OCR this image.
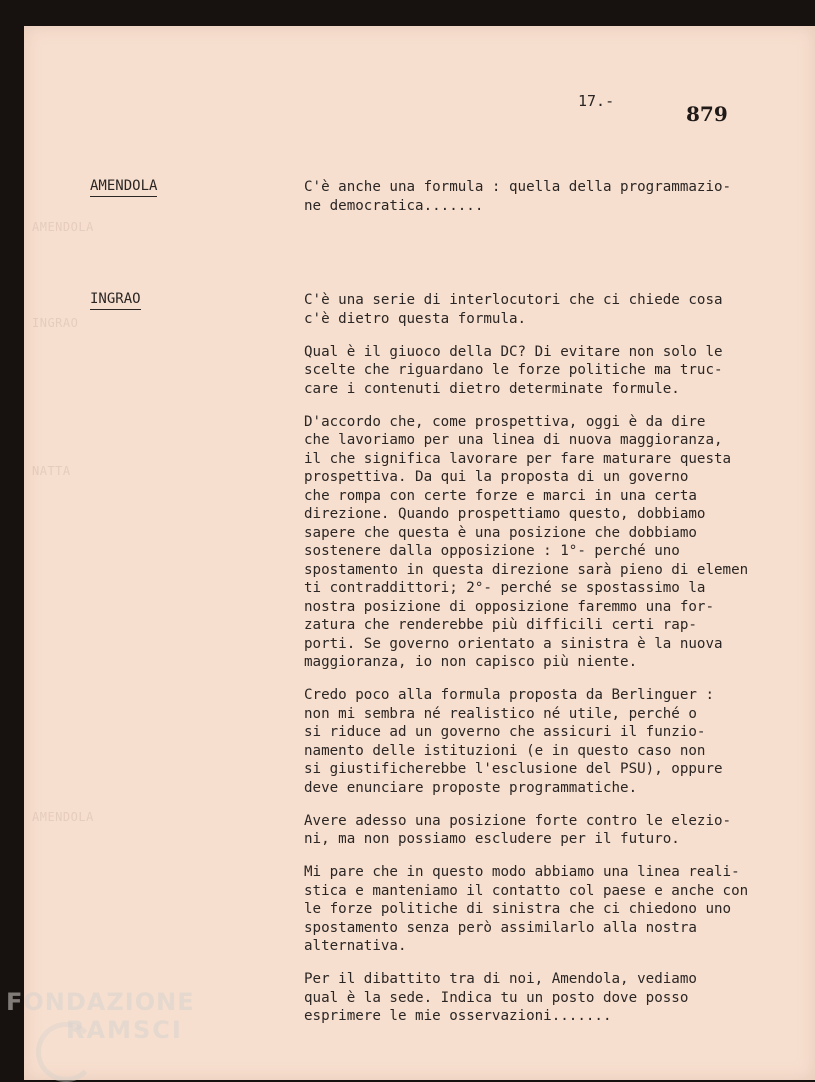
AMENDOLA
INGRAO
NATTA
AMENDOLA
17.-
879
AMENDOLA	C'è anche una formula : quella della programmazio-
ne democratica.......

INGRAO	C'è una serie di interlocutori che ci chiede cosa
c'è dietro questa formula.

Qual è il giuoco della DC? Di evitare non solo le
scelte che riguardano le forze politiche ma truc-
care i contenuti dietro determinate formule.

D'accordo che, come prospettiva, oggi è da dire
che lavoriamo per una linea di nuova maggioranza,
il che significa lavorare per fare maturare questa
prospettiva. Da qui la proposta di un governo
che rompa con certe forze e marci in una certa
direzione. Quando prospettiamo questo, dobbiamo
sapere che questa è una posizione che dobbiamo
sostenere dalla opposizione : 1°- perché uno
spostamento in questa direzione sarà pieno di elemen
ti contraddittori; 2°- perché se spostassimo la
nostra posizione di opposizione faremmo una for-
zatura che renderebbe più difficili certi rap-
porti. Se governo orientato a sinistra è la nuova
maggioranza, io non capisco più niente.

Credo poco alla formula proposta da Berlinguer :
non mi sembra né realistico né utile, perché o
si riduce ad un governo che assicuri il funzio-
namento delle istituzioni (e in questo caso non
si giustificherebbe l'esclusione del PSU), oppure
deve enunciare proposte programmatiche.

Avere adesso una posizione forte contro le elezio-
ni, ma non possiamo escludere per il futuro.

Mi pare che in questo modo abbiamo una linea reali-
stica e manteniamo il contatto col paese e anche con
le forze politiche di sinistra che ci chiedono uno
spostamento senza però assimilarlo alla nostra
alternativa.

Per il dibattito tra di noi, Amendola, vediamo
qual è la sede. Indica tu un posto dove posso
esprimere le mie osservazioni.......

FONDAZIONE
RAMSCI
